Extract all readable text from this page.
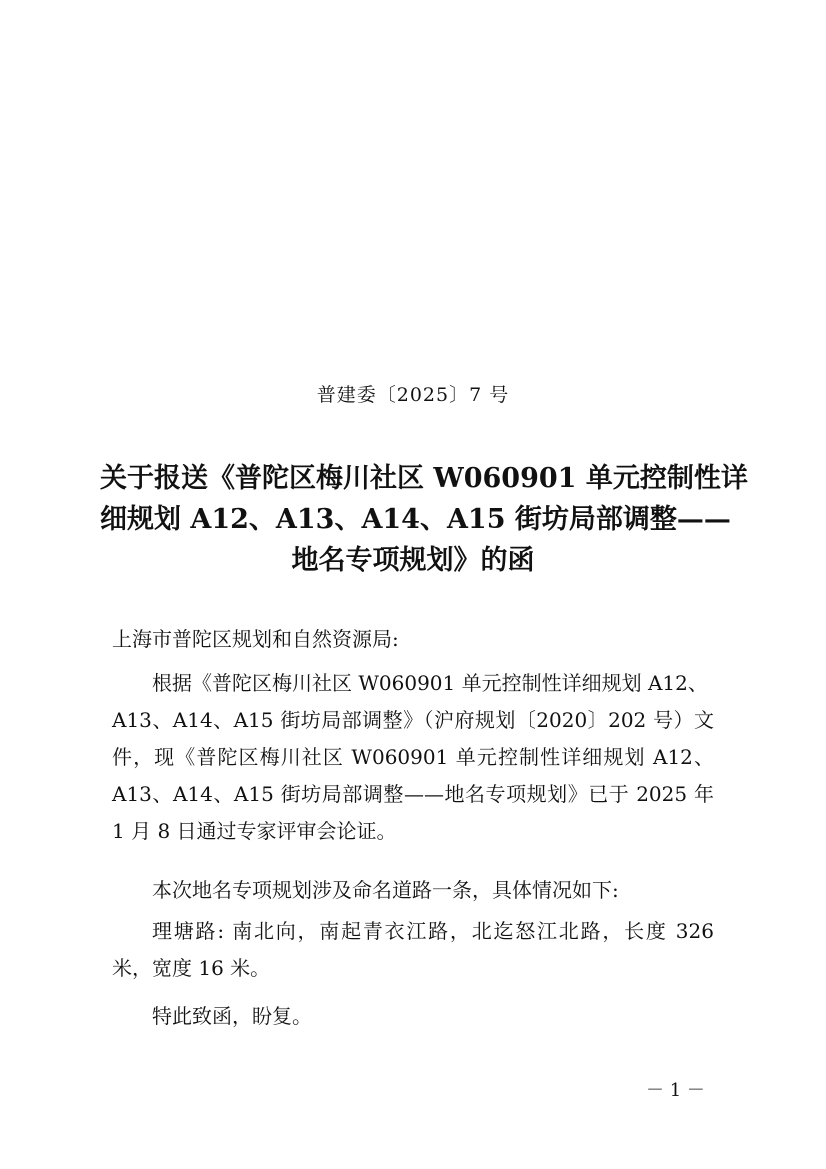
普建委〔2025〕7 号
关于报送《普陀区梅川社区 W060901 单元控制性详
细规划 A12、A13、A14、A15 街坊局部调整——
地名专项规划》的函
上海市普陀区规划和自然资源局:
根据《普陀区梅川社区 W060901 单元控制性详细规划 A12、
A13、A14、A15 街坊局部调整》（沪府规划〔2020〕202 号）文
件，现《普陀区梅川社区 W060901 单元控制性详细规划 A12、
A13、A14、A15 街坊局部调整——地名专项规划》已于 2025 年
1 月 8 日通过专家评审会论证。
本次地名专项规划涉及命名道路一条，具体情况如下:
理塘路: 南北向，南起青衣江路，北迄怒江北路，长度 326
米，宽度 16 米。
特此致函，盼复。
－ 1 －
